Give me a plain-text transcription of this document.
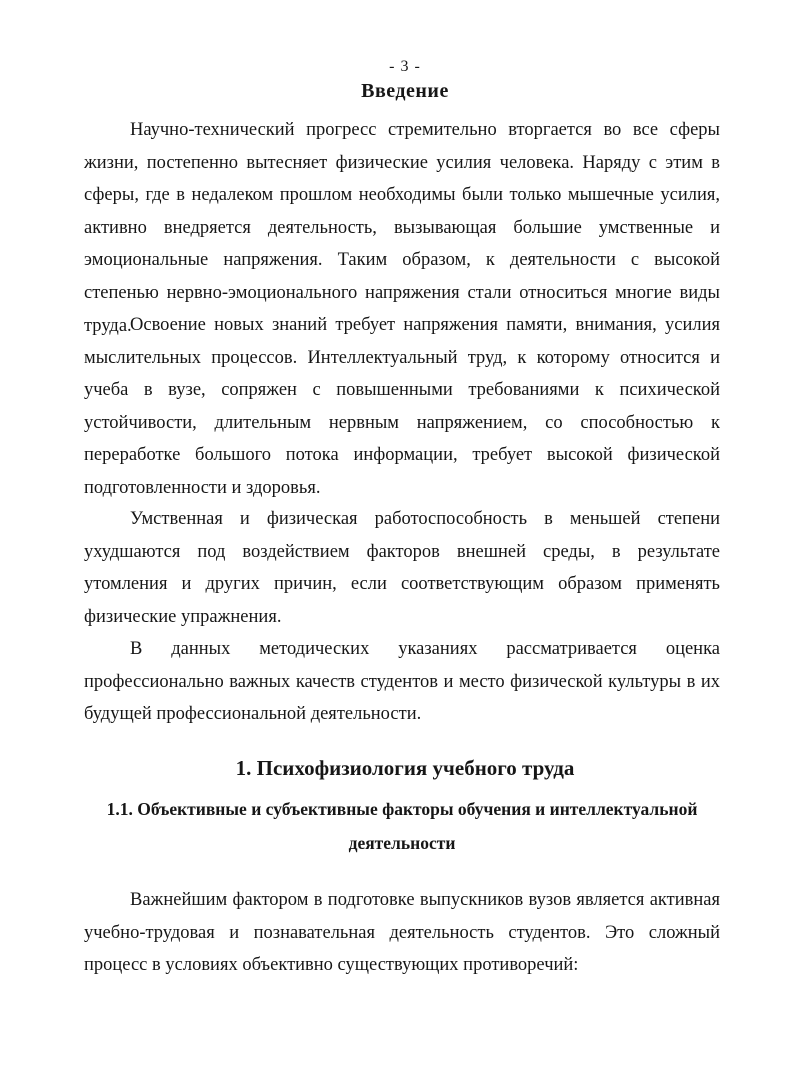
- 3 -
Введение

Научно-технический прогресс стремительно вторгается во все сферы жизни, постепенно вытесняет физические усилия человека. Наряду с этим в сферы, где в недалеком прошлом необходимы были только мышечные усилия, активно внедряется деятельность, вызывающая большие умственные и эмоциональные напряжения. Таким образом, к деятельности с высокой степенью нервно-эмоционального напряжения стали относиться многие виды труда.

Освоение новых знаний требует напряжения памяти, внимания, усилия мыслительных процессов. Интеллектуальный труд, к которому относится и учеба в вузе, сопряжен с повышенными требованиями к психической устойчивости, длительным нервным напряжением, со способностью к переработке большого потока информации, требует высокой физической подготовленности и здоровья.

Умственная и физическая работоспособность в меньшей степени ухудшаются под воздействием факторов внешней среды, в результате утомления и других причин, если соответствующим образом применять физические упражнения.

В данных методических указаниях рассматривается оценка профессионально важных качеств студентов и место физической культуры в их будущей профессиональной деятельности.

1. Психофизиология учебного труда
1.1. Объективные и субъективные факторы обучения и интеллектуальной деятельности

Важнейшим фактором в подготовке выпускников вузов является активная учебно-трудовая и познавательная деятельность студентов. Это сложный процесс в условиях объективно существующих противоречий:
